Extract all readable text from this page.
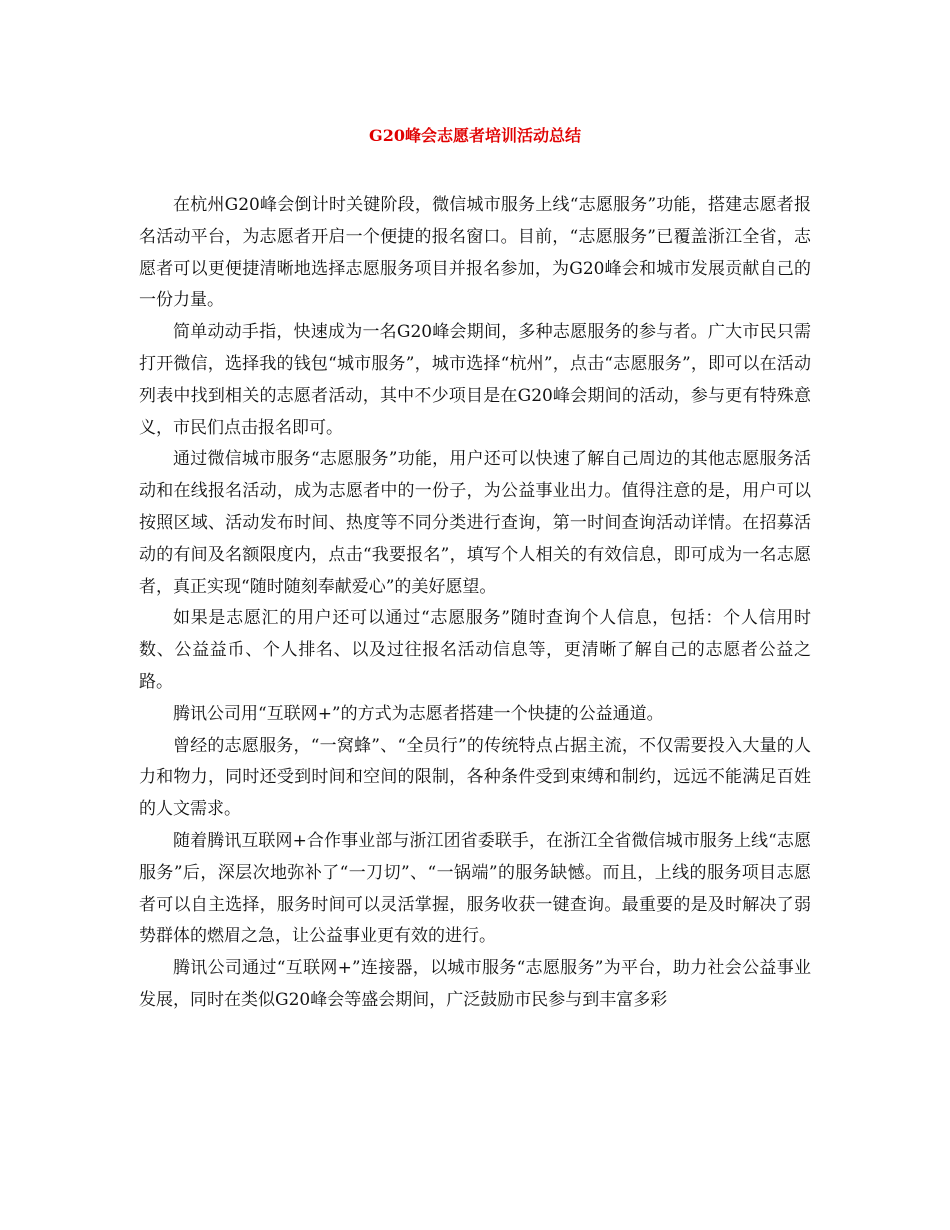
G20峰会志愿者培训活动总结

在杭州G20峰会倒计时关键阶段，微信城市服务上线“志愿服务”功能，搭建志愿者报名活动平台，为志愿者开启一个便捷的报名窗口。目前，“志愿服务”已覆盖浙江全省，志愿者可以更便捷清晰地选择志愿服务项目并报名参加，为G20峰会和城市发展贡献自己的一份力量。

简单动动手指，快速成为一名G20峰会期间，多种志愿服务的参与者。广大市民只需打开微信，选择我的钱包“城市服务”，城市选择“杭州”，点击“志愿服务”，即可以在活动列表中找到相关的志愿者活动，其中不少项目是在G20峰会期间的活动，参与更有特殊意义，市民们点击报名即可。

通过微信城市服务“志愿服务”功能，用户还可以快速了解自己周边的其他志愿服务活动和在线报名活动，成为志愿者中的一份子，为公益事业出力。值得注意的是，用户可以按照区域、活动发布时间、热度等不同分类进行查询，第一时间查询活动详情。在招募活动的有间及名额限度内，点击“我要报名”，填写个人相关的有效信息，即可成为一名志愿者，真正实现“随时随刻奉献爱心”的美好愿望。

如果是志愿汇的用户还可以通过“志愿服务”随时查询个人信息，包括：个人信用时数、公益益币、个人排名、以及过往报名活动信息等，更清晰了解自己的志愿者公益之路。

腾讯公司用“互联网+”的方式为志愿者搭建一个快捷的公益通道。

曾经的志愿服务，“一窝蜂”、“全员行”的传统特点占据主流，不仅需要投入大量的人力和物力，同时还受到时间和空间的限制，各种条件受到束缚和制约，远远不能满足百姓的人文需求。

随着腾讯互联网+合作事业部与浙江团省委联手，在浙江全省微信城市服务上线“志愿服务”后，深层次地弥补了“一刀切”、“一锅端”的服务缺憾。而且，上线的服务项目志愿者可以自主选择，服务时间可以灵活掌握，服务收获一键查询。最重要的是及时解决了弱势群体的燃眉之急，让公益事业更有效的进行。

腾讯公司通过“互联网+”连接器，以城市服务“志愿服务”为平台，助力社会公益事业发展，同时在类似G20峰会等盛会期间，广泛鼓励市民参与到丰富多彩
